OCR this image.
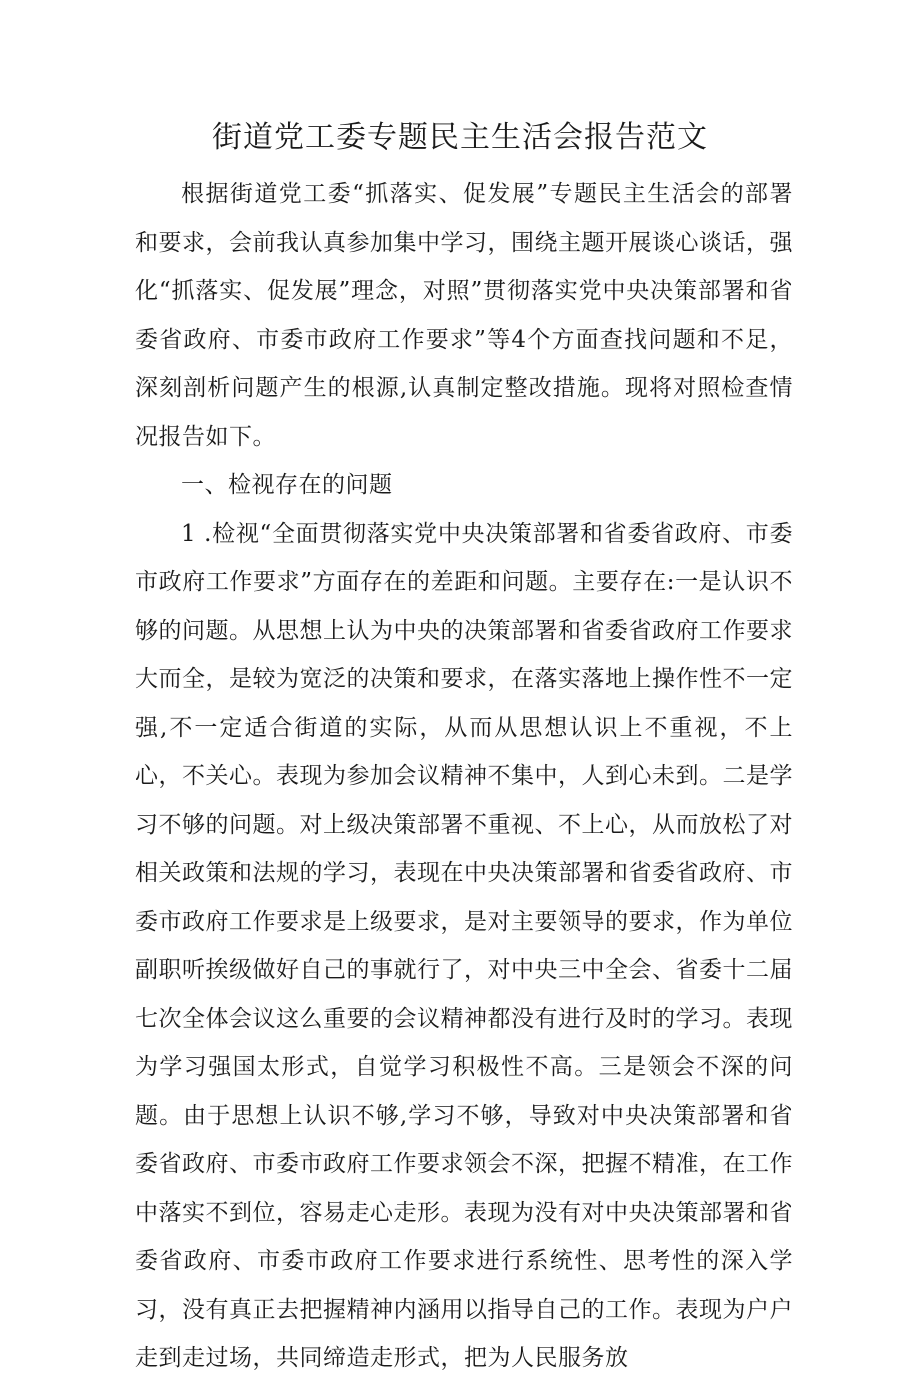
街道党工委专题民主生活会报告范文

根据街道党工委“抓落实、促发展”专题民主生活会的部署和要求，会前我认真参加集中学习，围绕主题开展谈心谈话，强化“抓落实、促发展”理念，对照”贯彻落实党中央决策部署和省委省政府、市委市政府工作要求”等4个方面查找问题和不足，深刻剖析问题产生的根源,认真制定整改措施。现将对照检查情况报告如下。

一、检视存在的问题

1 .检视“全面贯彻落实党中央决策部署和省委省政府、市委市政府工作要求”方面存在的差距和问题。主要存在:一是认识不够的问题。从思想上认为中央的决策部署和省委省政府工作要求大而全，是较为宽泛的决策和要求，在落实落地上操作性不一定强,不一定适合街道的实际，从而从思想认识上不重视，不上心，不关心。表现为参加会议精神不集中，人到心未到。二是学习不够的问题。对上级决策部署不重视、不上心，从而放松了对相关政策和法规的学习，表现在中央决策部署和省委省政府、市委市政府工作要求是上级要求，是对主要领导的要求，作为单位副职听挨级做好自己的事就行了，对中央三中全会、省委十二届七次全体会议这么重要的会议精神都没有进行及时的学习。表现为学习强国太形式，自觉学习积极性不高。三是领会不深的问题。由于思想上认识不够,学习不够，导致对中央决策部署和省委省政府、市委市政府工作要求领会不深，把握不精准，在工作中落实不到位，容易走心走形。表现为没有对中央决策部署和省委省政府、市委市政府工作要求进行系统性、思考性的深入学习，没有真正去把握精神内涵用以指导自己的工作。表现为户户走到走过场，共同缔造走形式，把为人民服务放
